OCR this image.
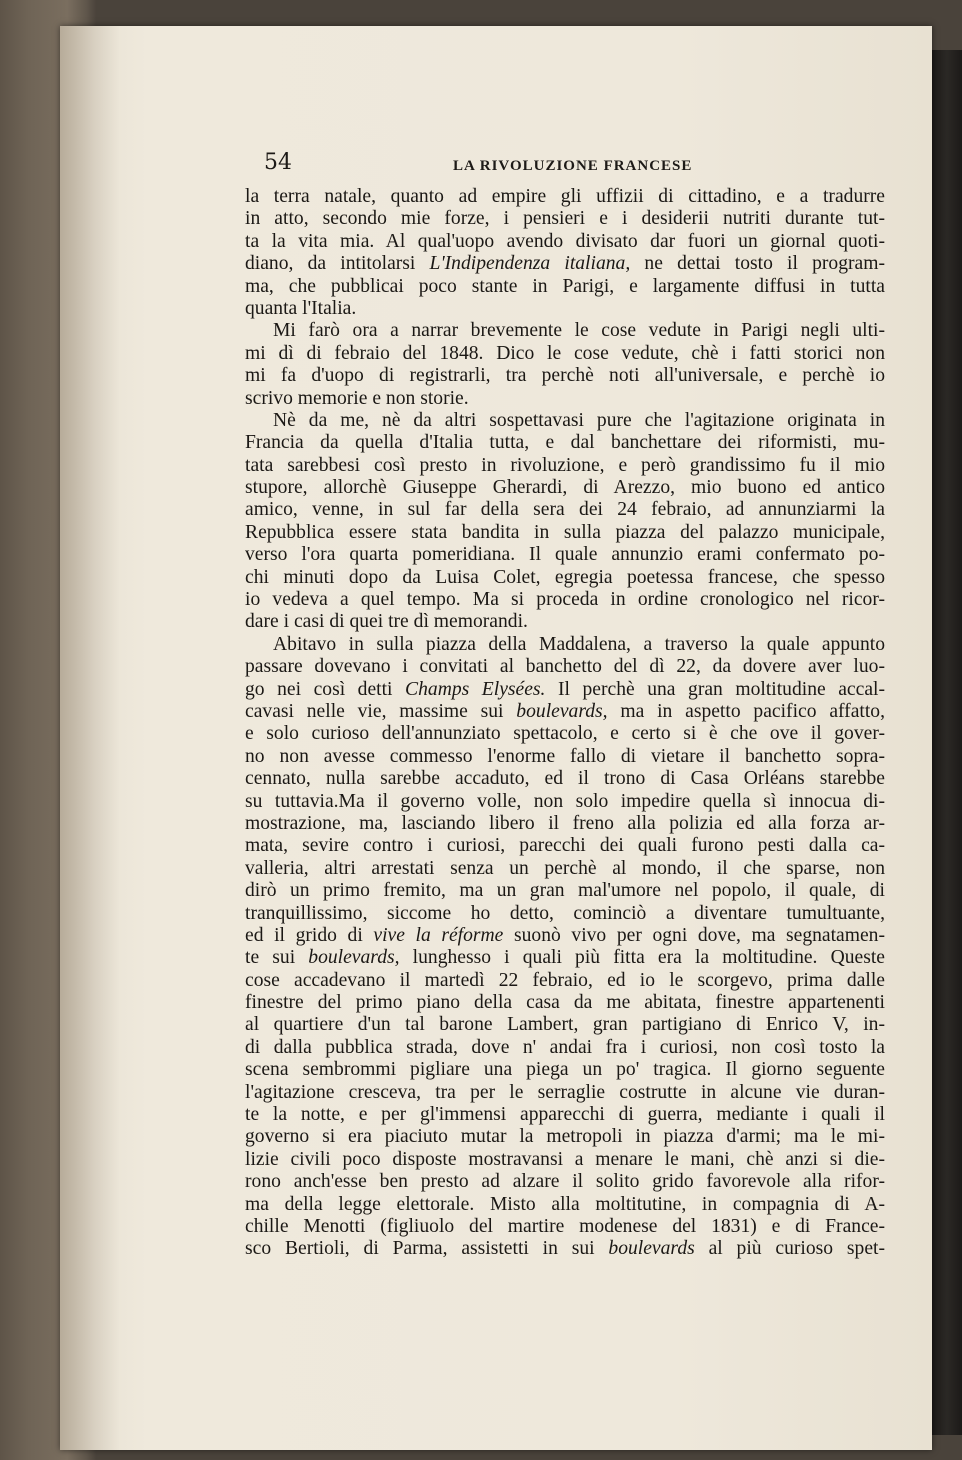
54	LA RIVOLUZIONE FRANCESE
la terra natale, quanto ad empire gli uffizii di cittadino, e a tradurre
in atto, secondo mie forze, i pensieri e i desiderii nutriti durante tut-
ta la vita mia. Al qual'uopo avendo divisato dar fuori un giornal quoti-
diano, da intitolarsi L'Indipendenza italiana, ne dettai tosto il program-
ma, che pubblicai poco stante in Parigi, e largamente diffusi in tutta
quanta l'Italia.
Mi farò ora a narrar brevemente le cose vedute in Parigi negli ulti-
mi dì di febraio del 1848. Dico le cose vedute, chè i fatti storici non
mi fa d'uopo di registrarli, tra perchè noti all'universale, e perchè io
scrivo memorie e non storie.
Nè da me, nè da altri sospettavasi pure che l'agitazione originata in
Francia da quella d'Italia tutta, e dal banchettare dei riformisti, mu-
tata sarebbesi così presto in rivoluzione, e però grandissimo fu il mio
stupore, allorchè Giuseppe Gherardi, di Arezzo, mio buono ed antico
amico, venne, in sul far della sera dei 24 febraio, ad annunziarmi la
Repubblica essere stata bandita in sulla piazza del palazzo municipale,
verso l'ora quarta pomeridiana. Il quale annunzio erami confermato po-
chi minuti dopo da Luisa Colet, egregia poetessa francese, che spesso
io vedeva a quel tempo. Ma si proceda in ordine cronologico nel ricor-
dare i casi di quei tre dì memorandi.
Abitavo in sulla piazza della Maddalena, a traverso la quale appunto
passare dovevano i convitati al banchetto del dì 22, da dovere aver luo-
go nei così detti Champs Elysées. Il perchè una gran moltitudine accal-
cavasi nelle vie, massime sui boulevards, ma in aspetto pacifico affatto,
e solo curioso dell'annunziato spettacolo, e certo si è che ove il gover-
no non avesse commesso l'enorme fallo di vietare il banchetto sopra-
cennato, nulla sarebbe accaduto, ed il trono di Casa Orléans starebbe
su tuttavia.Ma il governo volle, non solo impedire quella sì innocua di-
mostrazione, ma, lasciando libero il freno alla polizia ed alla forza ar-
mata, sevire contro i curiosi, parecchi dei quali furono pesti dalla ca-
valleria, altri arrestati senza un perchè al mondo, il che sparse, non
dirò un primo fremito, ma un gran mal'umore nel popolo, il quale, di
tranquillissimo, siccome ho detto, cominciò a diventare tumultuante,
ed il grido di vive la réforme suonò vivo per ogni dove, ma segnatamen-
te sui boulevards, lunghesso i quali più fitta era la moltitudine. Queste
cose accadevano il martedì 22 febraio, ed io le scorgevo, prima dalle
finestre del primo piano della casa da me abitata, finestre appartenenti
al quartiere d'un tal barone Lambert, gran partigiano di Enrico V, in-
di dalla pubblica strada, dove n' andai fra i curiosi, non così tosto la
scena sembrommi pigliare una piega un po' tragica. Il giorno seguente
l'agitazione cresceva, tra per le serraglie costrutte in alcune vie duran-
te la notte, e per gl'immensi apparecchi di guerra, mediante i quali il
governo si era piaciuto mutar la metropoli in piazza d'armi; ma le mi-
lizie civili poco disposte mostravansi a menare le mani, chè anzi si die-
rono anch'esse ben presto ad alzare il solito grido favorevole alla rifor-
ma della legge elettorale. Misto alla moltitutine, in compagnia di A-
chille Menotti (figliuolo del martire modenese del 1831) e di France-
sco Bertioli, di Parma, assistetti in sui boulevards al più curioso spet-
